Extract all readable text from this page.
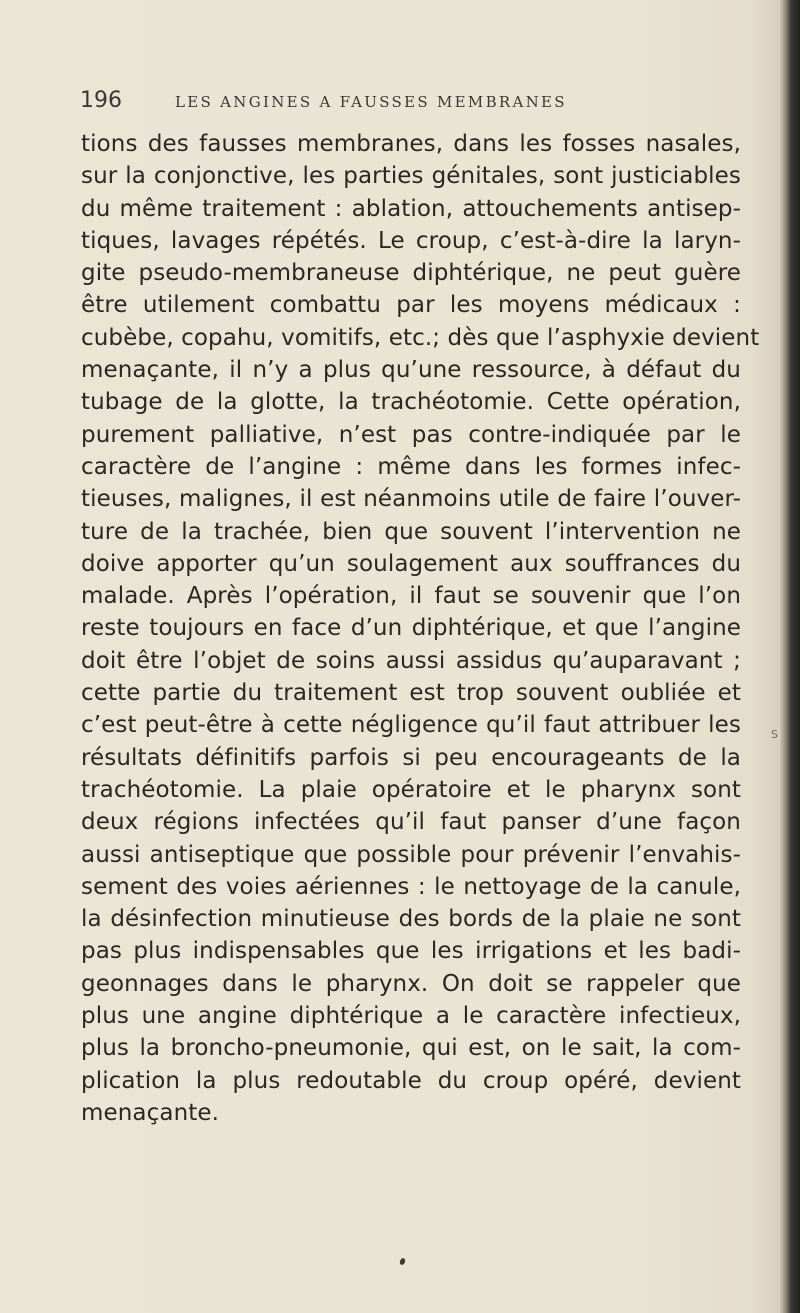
196	LES ANGINES A FAUSSES MEMBRANES
tions des fausses membranes, dans les fosses nasales,
sur la conjonctive, les parties génitales, sont justiciables
du même traitement : ablation, attouchements antisep-
tiques, lavages répétés. Le croup, c’est-à-dire la laryn-
gite pseudo-membraneuse diphtérique, ne peut guère
être utilement combattu par les moyens médicaux :
cubèbe, copahu, vomitifs, etc.; dès que l’asphyxie devient
menaçante, il n’y a plus qu’une ressource, à défaut du
tubage de la glotte, la trachéotomie. Cette opération,
purement palliative, n’est pas contre-indiquée par le
caractère de l’angine : même dans les formes infec-
tieuses, malignes, il est néanmoins utile de faire l’ouver-
ture de la trachée, bien que souvent l’intervention ne
doive apporter qu’un soulagement aux souffrances du
malade. Après l’opération, il faut se souvenir que l’on
reste toujours en face d’un diphtérique, et que l’angine
doit être l’objet de soins aussi assidus qu’auparavant ;
cette partie du traitement est trop souvent oubliée et
c’est peut-être à cette négligence qu’il faut attribuer les
résultats définitifs parfois si peu encourageants de la
trachéotomie. La plaie opératoire et le pharynx sont
deux régions infectées qu’il faut panser d’une façon
aussi antiseptique que possible pour prévenir l’envahis-
sement des voies aériennes : le nettoyage de la canule,
la désinfection minutieuse des bords de la plaie ne sont
pas plus indispensables que les irrigations et les badi-
geonnages dans le pharynx. On doit se rappeler que
plus une angine diphtérique a le caractère infectieux,
plus la broncho-pneumonie, qui est, on le sait, la com-
plication la plus redoutable du croup opéré, devient
menaçante.
S
